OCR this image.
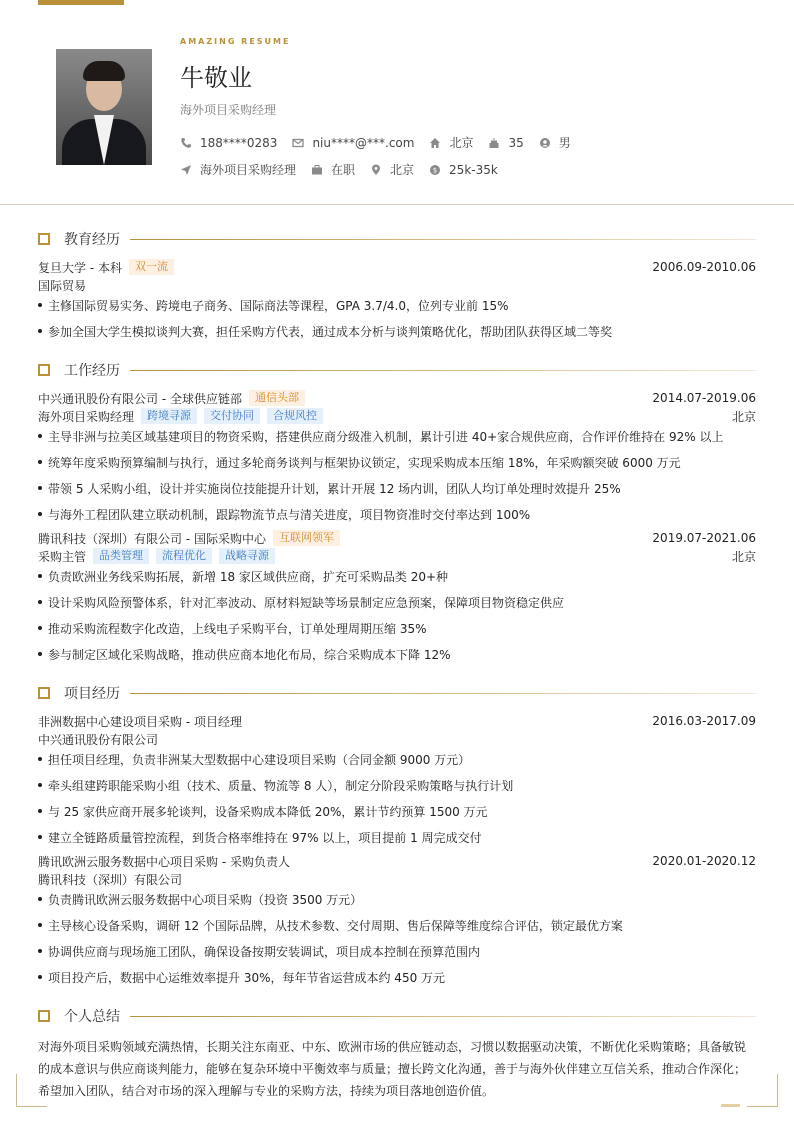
AMAZING RESUME
牛敬业
海外项目采购经理
188****0283	niu****@***.com	北京	35	男
海外项目采购经理	在职	北京	$ 25k-35k
教育经历
复旦大学 - 本科	双一流	2006.09-2010.06
国际贸易
主修国际贸易实务、跨境电子商务、国际商法等课程，GPA 3.7/4.0，位列专业前 15%
参加全国大学生模拟谈判大赛，担任采购方代表，通过成本分析与谈判策略优化，帮助团队获得区域二等奖
工作经历
中兴通讯股份有限公司 - 全球供应链部	通信头部	2014.07-2019.06
海外项目采购经理	跨境寻源	交付协同	合规风控	北京
主导非洲与拉美区域基建项目的物资采购，搭建供应商分级准入机制，累计引进 40+家合规供应商，合作评价维持在 92% 以上
统筹年度采购预算编制与执行，通过多轮商务谈判与框架协议锁定，实现采购成本压缩 18%，年采购额突破 6000 万元
带领 5 人采购小组，设计并实施岗位技能提升计划，累计开展 12 场内训，团队人均订单处理时效提升 25%
与海外工程团队建立联动机制，跟踪物流节点与清关进度，项目物资准时交付率达到 100%
腾讯科技（深圳）有限公司 - 国际采购中心	互联网领军	2019.07-2021.06
采购主管	品类管理	流程优化	战略寻源	北京
负责欧洲业务线采购拓展，新增 18 家区域供应商，扩充可采购品类 20+种
设计采购风险预警体系，针对汇率波动、原材料短缺等场景制定应急预案，保障项目物资稳定供应
推动采购流程数字化改造，上线电子采购平台，订单处理周期压缩 35%
参与制定区域化采购战略，推动供应商本地化布局，综合采购成本下降 12%
项目经历
非洲数据中心建设项目采购 - 项目经理	2016.03-2017.09
中兴通讯股份有限公司
担任项目经理，负责非洲某大型数据中心建设项目采购（合同金额 9000 万元）
牵头组建跨职能采购小组（技术、质量、物流等 8 人），制定分阶段采购策略与执行计划
与 25 家供应商开展多轮谈判，设备采购成本降低 20%，累计节约预算 1500 万元
建立全链路质量管控流程，到货合格率维持在 97% 以上，项目提前 1 周完成交付
腾讯欧洲云服务数据中心项目采购 - 采购负责人	2020.01-2020.12
腾讯科技（深圳）有限公司
负责腾讯欧洲云服务数据中心项目采购（投资 3500 万元）
主导核心设备采购，调研 12 个国际品牌，从技术参数、交付周期、售后保障等维度综合评估，锁定最优方案
协调供应商与现场施工团队，确保设备按期安装调试，项目成本控制在预算范围内
项目投产后，数据中心运维效率提升 30%，每年节省运营成本约 450 万元
个人总结
对海外项目采购领域充满热情，长期关注东南亚、中东、欧洲市场的供应链动态，习惯以数据驱动决策，不断优化采购策略；具备敏锐的成本意识与供应商谈判能力，能够在复杂环境中平衡效率与质量；擅长跨文化沟通，善于与海外伙伴建立互信关系，推动合作深化；希望加入团队，结合对市场的深入理解与专业的采购方法，持续为项目落地创造价值。
